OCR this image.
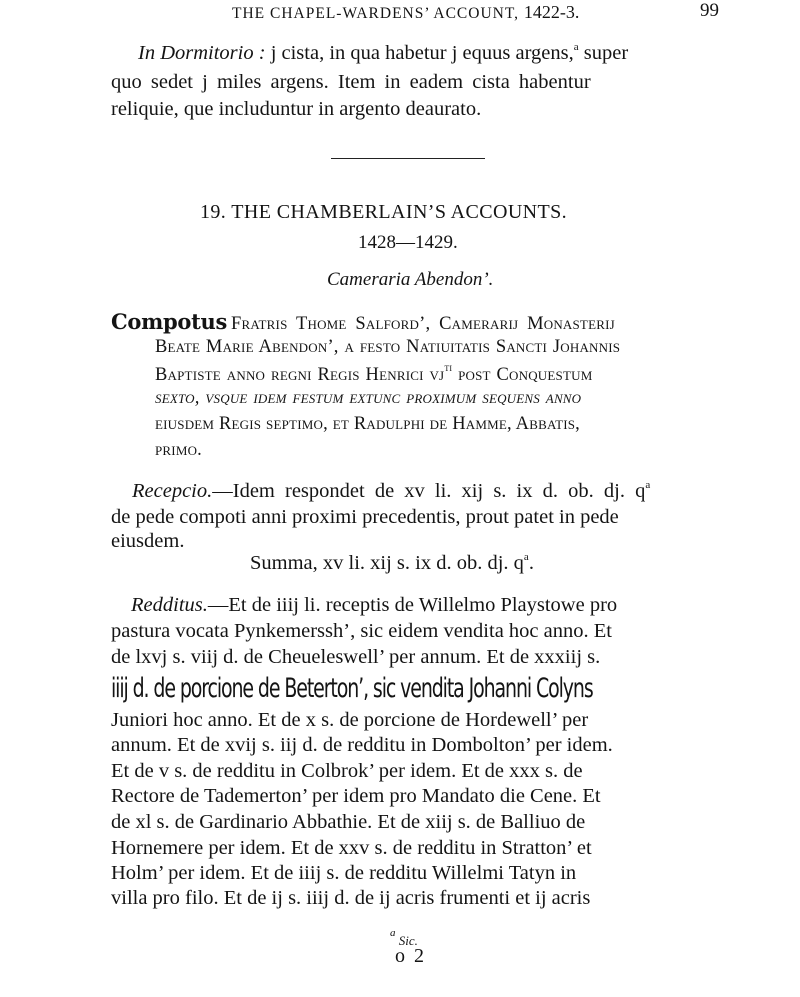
THE CHAPEL-WARDENS’ ACCOUNT, 1422-3.	99
In Dormitorio : j cista, in qua habetur j equus argens,$^a$ super
quo sedet j miles argens. Item in eadem cista habentur
reliquie, que includuntur in argento deaurato.
19. THE CHAMBERLAIN’S ACCOUNTS.
1428—1429.
Cameraria Abendon’.
Compotus Fratris Thome Salford’, Camerarij Monasterij
Beate Marie Abendon’, a festo Natiuitatis Sancti Johannis
Baptiste anno regni Regis Henrici $vj^{ti}$ post Conquestum
sexto, vsque idem festum extunc proximum sequens anno
eiusdem Regis septimo, et Radulphi de Hamme, Abbatis,
primo.
Recepcio.—Idem respondet de xv li. xij s. ix d. ob. dj. $q^a$
de pede compoti anni proximi precedentis, prout patet in pede
eiusdem.
Summa, xv li. xij s. ix d. ob. dj. $q^a$.
Redditus.—Et de iiij li. receptis de Willelmo Playstowe pro
pastura vocata Pynkemerssh’, sic eidem vendita hoc anno. Et
de lxvj s. viij d. de Cheueleswell’ per annum. Et de xxxiij s.
iiij d. de porcione de Beterton’, sic vendita Johanni Colyns
Juniori hoc anno. Et de x s. de porcione de Hordewell’ per
annum. Et de xvij s. iij d. de redditu in Dombolton’ per idem.
Et de v s. de redditu in Colbrok’ per idem. Et de xxx s. de
Rectore de Tademerton’ per idem pro Mandato die Cene. Et
de xl s. de Gardinario Abbathie. Et de xiij s. de Balliuo de
Hornemere per idem. Et de xxv s. de redditu in Stratton’ et
Holm’ per idem. Et de iiij s. de redditu Willelmi Tatyn in
villa pro filo. Et de ij s. iiij d. de ij acris frumenti et ij acris
$^a$ Sic.
o 2
